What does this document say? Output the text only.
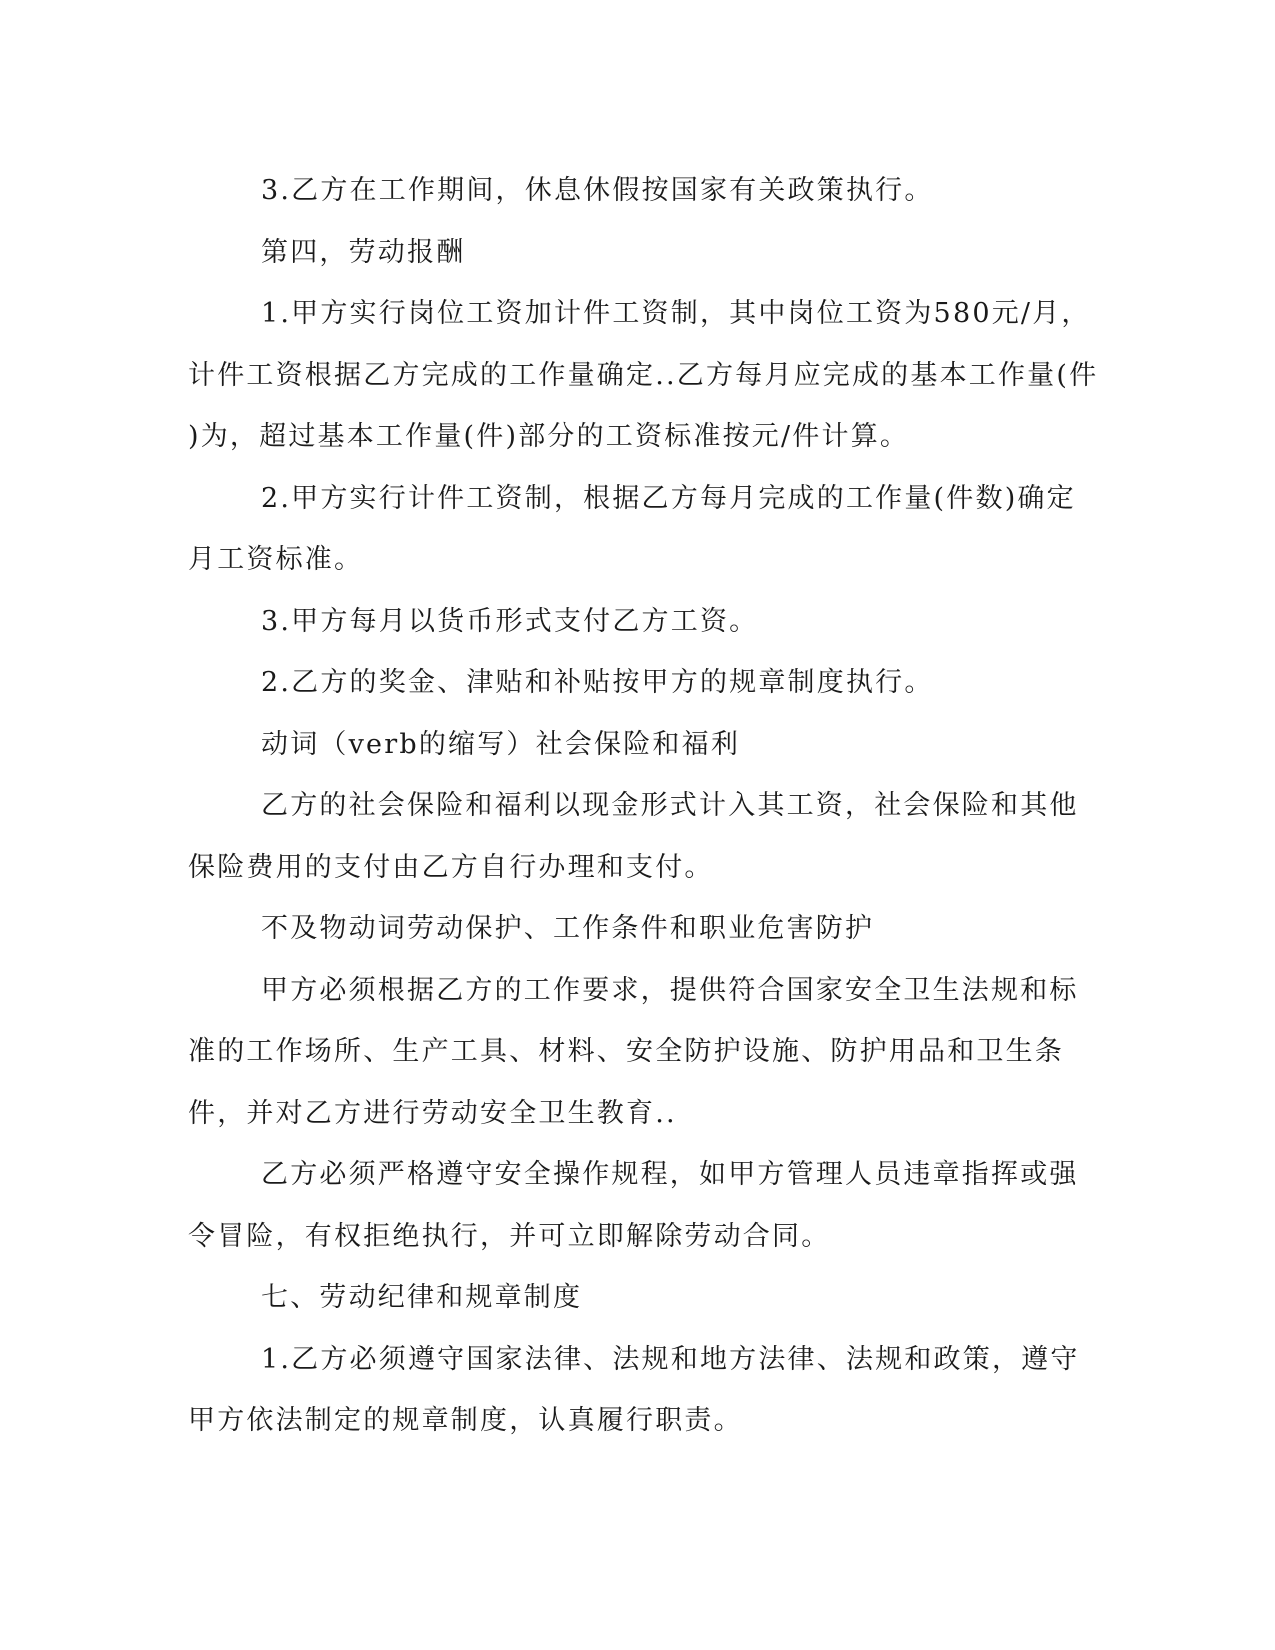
3.乙方在工作期间，休息休假按国家有关政策执行。

第四，劳动报酬

1.甲方实行岗位工资加计件工资制，其中岗位工资为580元/月，
计件工资根据乙方完成的工作量确定..乙方每月应完成的基本工作量(件
)为，超过基本工作量(件)部分的工资标准按元/件计算。

2.甲方实行计件工资制，根据乙方每月完成的工作量(件数)确定
月工资标准。

3.甲方每月以货币形式支付乙方工资。

2.乙方的奖金、津贴和补贴按甲方的规章制度执行。

动词（verb的缩写）社会保险和福利

乙方的社会保险和福利以现金形式计入其工资，社会保险和其他
保险费用的支付由乙方自行办理和支付。

不及物动词劳动保护、工作条件和职业危害防护

甲方必须根据乙方的工作要求，提供符合国家安全卫生法规和标
准的工作场所、生产工具、材料、安全防护设施、防护用品和卫生条
件，并对乙方进行劳动安全卫生教育..

乙方必须严格遵守安全操作规程，如甲方管理人员违章指挥或强
令冒险，有权拒绝执行，并可立即解除劳动合同。

七、劳动纪律和规章制度

1.乙方必须遵守国家法律、法规和地方法律、法规和政策，遵守
甲方依法制定的规章制度，认真履行职责。
